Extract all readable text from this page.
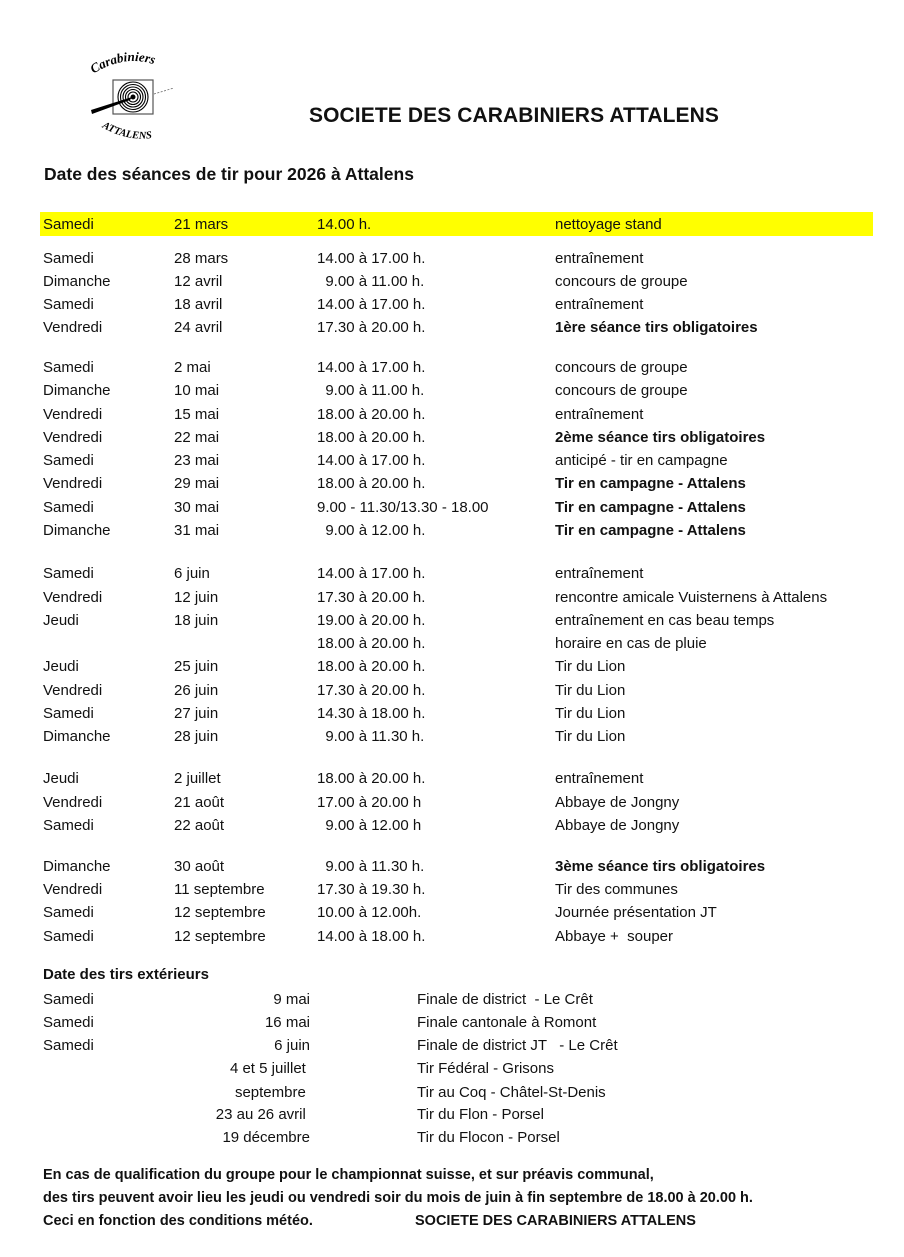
Carabiniers
ATTALENS
SOCIETE DES CARABINIERS ATTALENS
Date des séances de tir pour 2026 à Attalens
Samedi	21 mars	14.00 h.	nettoyage stand
Samedi	28 mars	14.00 à 17.00 h.	entraînement
Dimanche	12 avril	9.00 à 11.00 h.	concours de groupe
Samedi	18 avril	14.00 à 17.00 h.	entraînement
Vendredi	24 avril	17.30 à 20.00 h.	1ère séance tirs obligatoires
Samedi	2 mai	14.00 à 17.00 h.	concours de groupe
Dimanche	10 mai	9.00 à 11.00 h.	concours de groupe
Vendredi	15 mai	18.00 à 20.00 h.	entraînement
Vendredi	22 mai	18.00 à 20.00 h.	2ème séance tirs obligatoires
Samedi	23 mai	14.00 à 17.00 h.	anticipé - tir en campagne
Vendredi	29 mai	18.00 à 20.00 h.	Tir en campagne - Attalens
Samedi	30 mai	9.00 - 11.30/13.30 - 18.00	Tir en campagne - Attalens
Dimanche	31 mai	9.00 à 12.00 h.	Tir en campagne - Attalens
Samedi	6 juin	14.00 à 17.00 h.	entraînement
Vendredi	12 juin	17.30 à 20.00 h.	rencontre amicale Vuisternens à Attalens
Jeudi	18 juin	19.00 à 20.00 h.	entraînement en cas beau temps
18.00 à 20.00 h.	horaire en cas de pluie
Jeudi	25 juin	18.00 à 20.00 h.	Tir du Lion
Vendredi	26 juin	17.30 à 20.00 h.	Tir du Lion
Samedi	27 juin	14.30 à 18.00 h.	Tir du Lion
Dimanche	28 juin	9.00 à 11.30 h.	Tir du Lion
Jeudi	2 juillet	18.00 à 20.00 h.	entraînement
Vendredi	21 août	17.00 à 20.00 h	Abbaye de Jongny
Samedi	22 août	9.00 à 12.00 h	Abbaye de Jongny
Dimanche	30 août	9.00 à 11.30 h.	3ème séance tirs obligatoires
Vendredi	11 septembre	17.30 à 19.30 h.	Tir des communes
Samedi	12 septembre	10.00 à 12.00h.	Journée présentation JT
Samedi	12 septembre	14.00 à 18.00 h.	Abbaye +  souper
Date des tirs extérieurs
Samedi	9 mai	Finale de district  - Le Crêt
Samedi	16 mai	Finale cantonale à Romont
Samedi	6 juin	Finale de district JT   - Le Crêt
4 et 5 juillet	Tir Fédéral - Grisons
septembre	Tir au Coq - Châtel-St-Denis
23 au 26 avril	Tir du Flon - Porsel
19 décembre	Tir du Flocon - Porsel
En cas de qualification du groupe pour le championnat suisse, et sur préavis communal,
des tirs peuvent avoir lieu les jeudi ou vendredi soir du mois de juin à fin septembre de 18.00 à 20.00 h.
Ceci en fonction des conditions météo.	SOCIETE DES CARABINIERS ATTALENS
